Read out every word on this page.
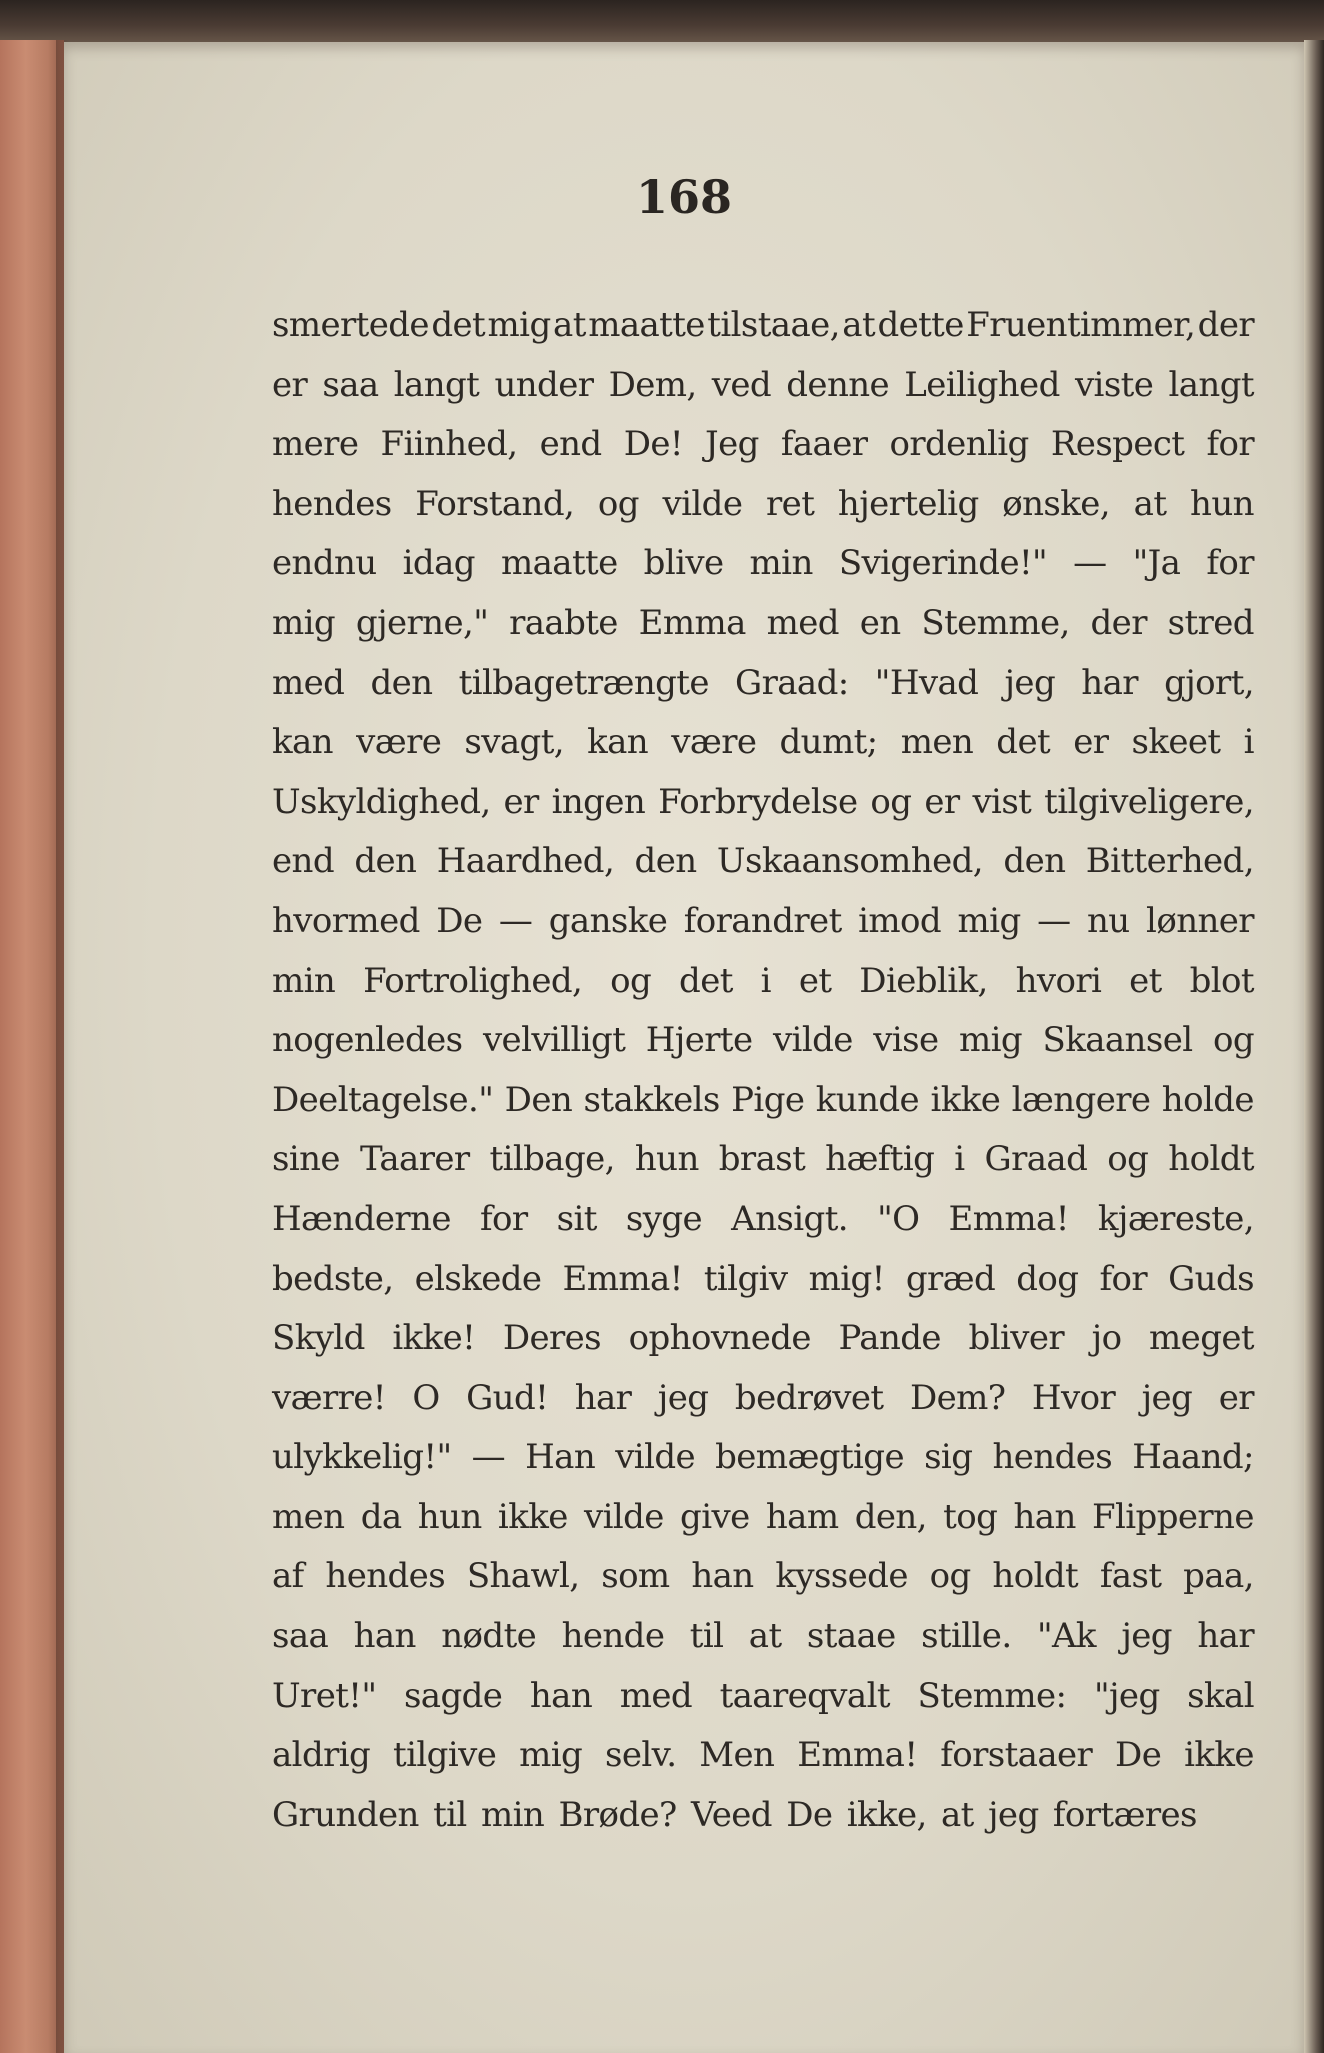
168
smertede det mig at maatte tilstaae, at dette Fruentimmer, der
er saa langt under Dem, ved denne Leilighed viste langt
mere Fiinhed, end De! Jeg faaer ordenlig Respect for
hendes Forstand, og vilde ret hjertelig ønske, at hun
endnu idag maatte blive min Svigerinde!" — "Ja for
mig gjerne," raabte Emma med en Stemme, der stred
med den tilbagetrængte Graad: "Hvad jeg har gjort,
kan være svagt, kan være dumt; men det er skeet i
Uskyldighed, er ingen Forbrydelse og er vist tilgiveligere,
end den Haardhed, den Uskaansomhed, den Bitterhed,
hvormed De — ganske forandret imod mig — nu lønner
min Fortrolighed, og det i et Dieblik, hvori et blot
nogenledes velvilligt Hjerte vilde vise mig Skaansel og
Deeltagelse." Den stakkels Pige kunde ikke længere holde
sine Taarer tilbage, hun brast hæftig i Graad og holdt
Hænderne for sit syge Ansigt. "O Emma! kjæreste,
bedste, elskede Emma! tilgiv mig! græd dog for Guds
Skyld ikke! Deres ophovnede Pande bliver jo meget
værre! O Gud! har jeg bedrøvet Dem? Hvor jeg er
ulykkelig!" — Han vilde bemægtige sig hendes Haand;
men da hun ikke vilde give ham den, tog han Flipperne
af hendes Shawl, som han kyssede og holdt fast paa,
saa han nødte hende til at staae stille. "Ak jeg har
Uret!" sagde han med taareqvalt Stemme: "jeg skal
aldrig tilgive mig selv. Men Emma! forstaaer De ikke
Grunden til min Brøde? Veed De ikke, at jeg fortæres
